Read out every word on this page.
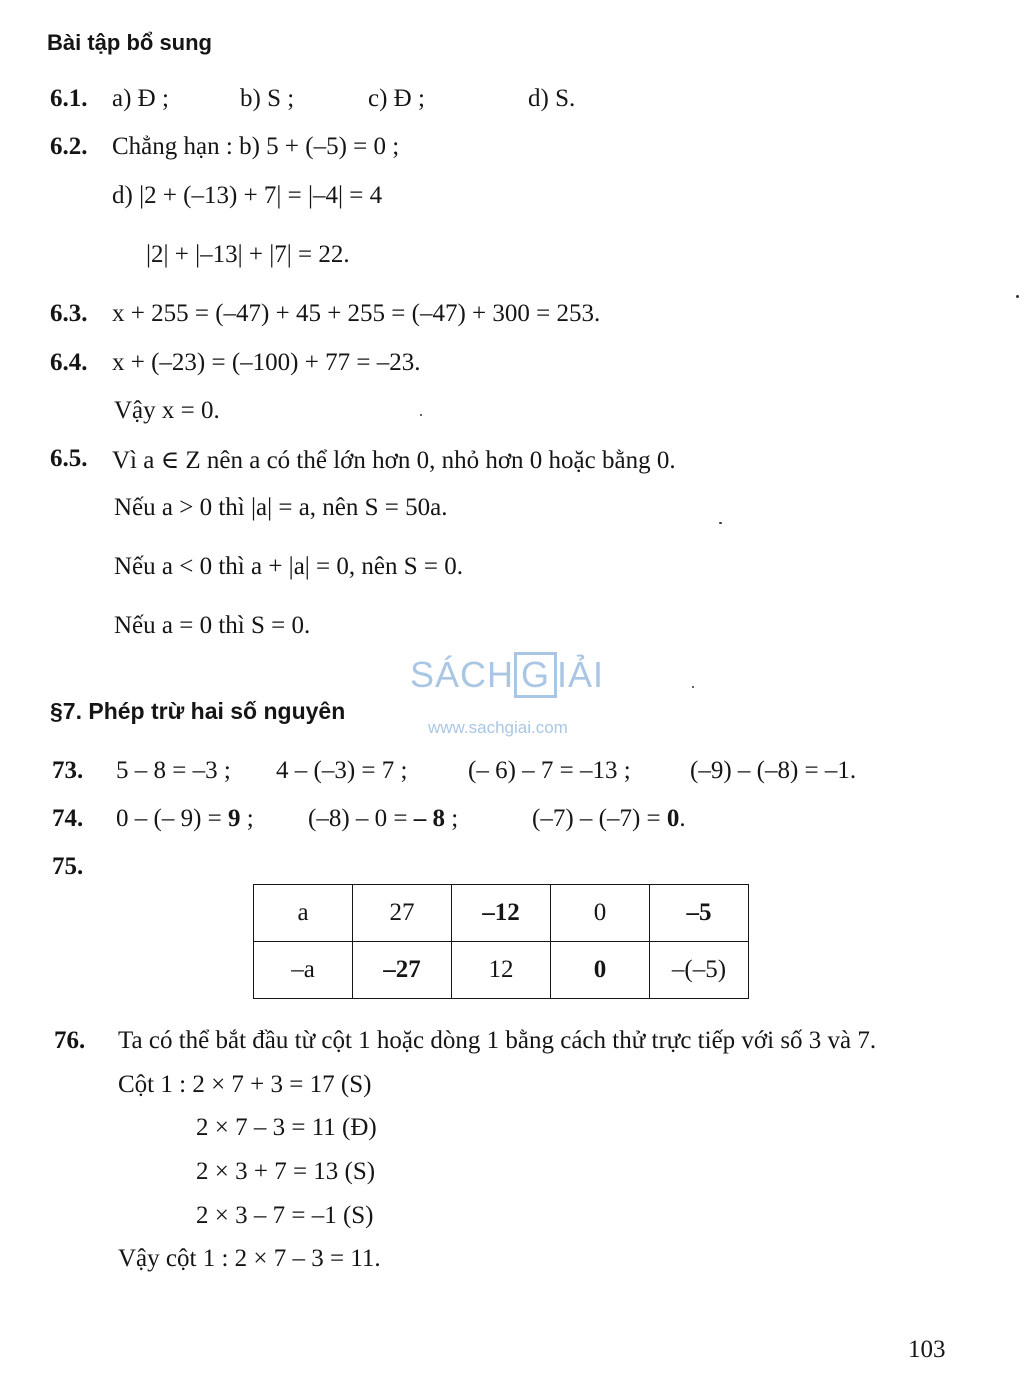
Bài tập bổ sung
6.1. a) Đ ;	b) S ;	c) Đ ;	d) S.
6.2. Chẳng hạn : b) 5 + (–5) = 0 ;
d) |2 + (–13) + 7| = |–4| = 4
|2| + |–13| + |7| = 22.
6.3. x + 255 = (–47) + 45 + 255 = (–47) + 300 = 253.
6.4. x + (–23) = (–100) + 77 = –23.
Vậy x = 0.
6.5. Vì a ∈ Z nên a có thể lớn hơn 0, nhỏ hơn 0 hoặc bằng 0.
Nếu a > 0 thì |a| = a, nên S = 50a.
Nếu a < 0 thì a + |a| = 0, nên S = 0.
Nếu a = 0 thì S = 0.
SÁCH G IẢI
www.sachgiai.com
§7. Phép trừ hai số nguyên
73. 5 – 8 = –3 ; 4 – (–3) = 7 ; (– 6) – 7 = –13 ; (–9) – (–8) = –1.
74. 0 – (– 9) = 9 ; (–8) – 0 = – 8 ;	(–7) – (–7) = 0.
75.
a	27	–12	0	–5
–a	–27	12	0	–(–5)
76. Ta có thể bắt đầu từ cột 1 hoặc dòng 1 bằng cách thử trực tiếp với số 3 và 7.
Cột 1 : 2 × 7 + 3 = 17 (S)
2 × 7 – 3 = 11 (Đ)
2 × 3 + 7 = 13 (S)
2 × 3 – 7 = –1 (S)
Vậy cột 1 : 2 × 7 – 3 = 11.
103
